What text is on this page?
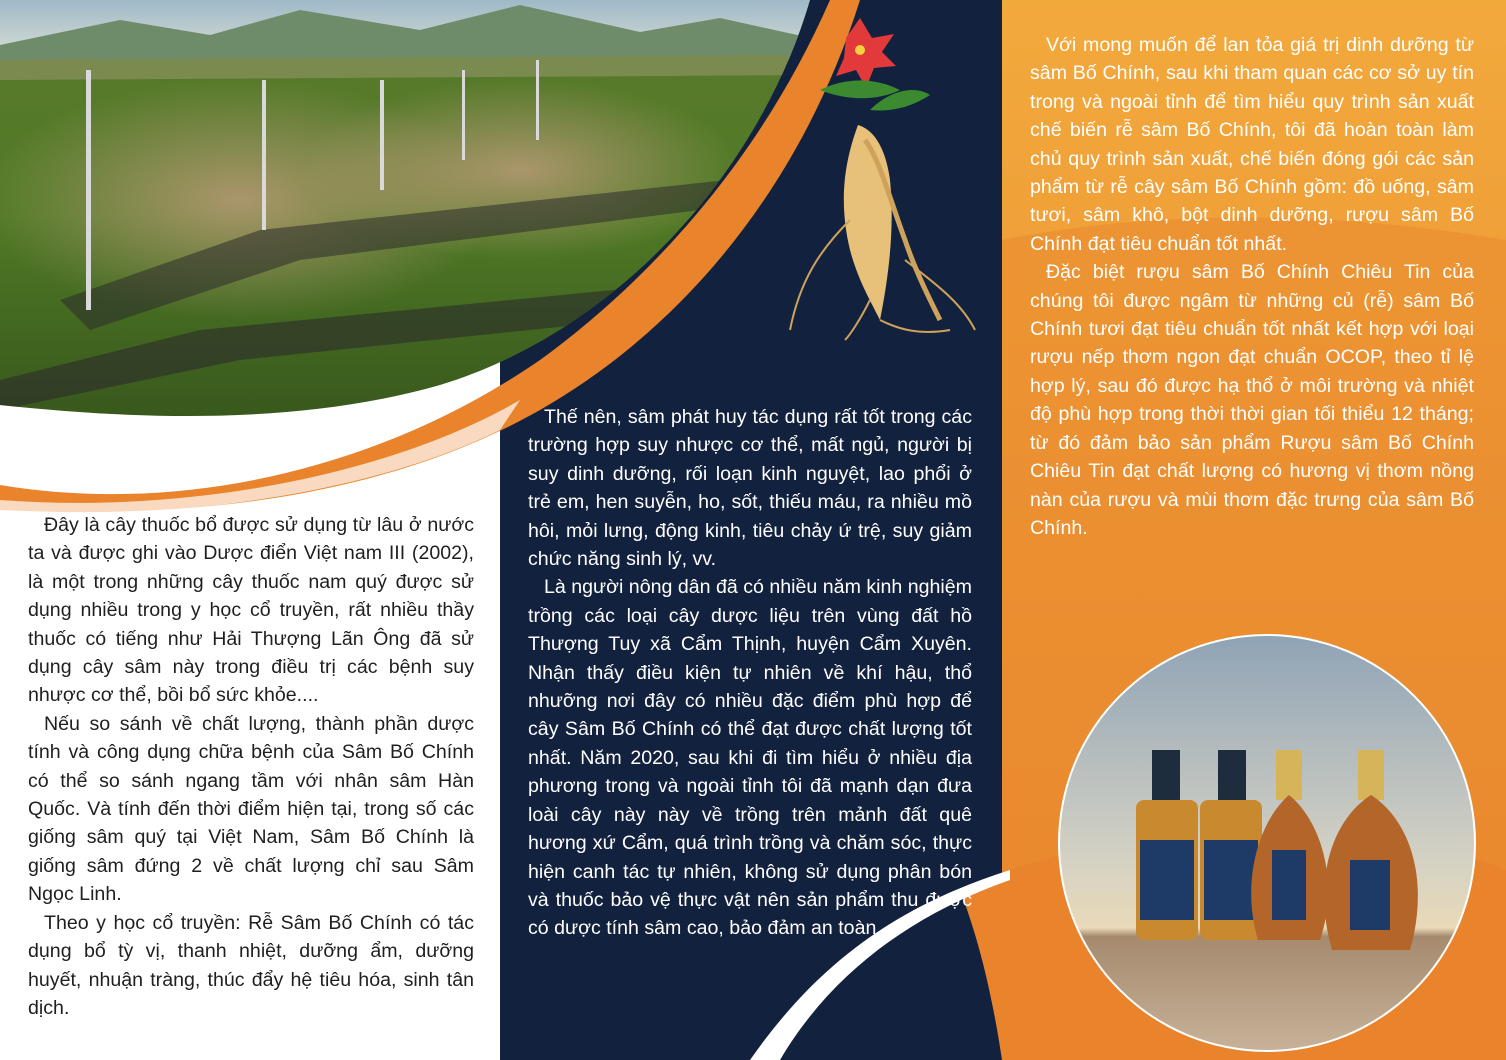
Đây là cây thuốc bổ được sử dụng từ lâu ở nước ta và được ghi vào Dược điển Việt nam III (2002), là một trong những cây thuốc nam quý được sử dụng nhiều trong y học cổ truyền, rất nhiều thầy thuốc có tiếng như Hải Thượng Lãn Ông đã sử dụng cây sâm này trong điều trị các bệnh suy nhược cơ thể, bồi bổ sức khỏe....

Nếu so sánh về chất lượng, thành phần dược tính và công dụng chữa bệnh của Sâm Bố Chính có thể so sánh ngang tầm với nhân sâm Hàn Quốc. Và tính đến thời điểm hiện tại, trong số các giống sâm quý tại Việt Nam, Sâm Bố Chính là giống sâm đứng 2 về chất lượng chỉ sau Sâm Ngọc Linh.

Theo y học cổ truyền: Rễ Sâm Bố Chính có tác dụng bổ tỳ vị, thanh nhiệt, dưỡng ẩm, dưỡng huyết, nhuận tràng, thúc đẩy hệ tiêu hóa, sinh tân dịch.

Thế nên, sâm phát huy tác dụng rất tốt trong các trường hợp suy nhược cơ thể, mất ngủ, người bị suy dinh dưỡng, rối loạn kinh nguyệt, lao phổi ở trẻ em, hen suyễn, ho, sốt, thiếu máu, ra nhiều mồ hôi, mỏi lưng, động kinh, tiêu chảy ứ trệ, suy giảm chức năng sinh lý, vv.

Là người nông dân đã có nhiều năm kinh nghiệm trồng các loại cây dược liệu trên vùng đất hồ Thượng Tuy xã Cẩm Thịnh, huyện Cẩm Xuyên. Nhận thấy điều kiện tự nhiên về khí hậu, thổ nhưỡng nơi đây có nhiều đặc điểm phù hợp để cây Sâm Bố Chính có thể đạt được chất lượng tốt nhất. Năm 2020, sau khi đi tìm hiểu ở nhiều địa phương trong và ngoài tỉnh tôi đã mạnh dạn đưa loài cây này này về trồng trên mảnh đất quê hương xứ Cẩm, quá trình trồng và chăm sóc, thực hiện canh tác tự nhiên, không sử dụng phân bón và thuốc bảo vệ thực vật nên sản phẩm thu được có dược tính sâm cao, bảo đảm an toàn.

Với mong muốn để lan tỏa giá trị dinh dưỡng từ sâm Bố Chính, sau khi tham quan các cơ sở uy tín trong và ngoài tỉnh để tìm hiểu quy trình sản xuất chế biến rễ sâm Bố Chính, tôi đã hoàn toàn làm chủ quy trình sản xuất, chế biến đóng gói các sản phẩm từ rễ cây sâm Bố Chính gồm: đồ uống, sâm tươi, sâm khô, bột dinh dưỡng, rượu sâm Bố Chính đạt tiêu chuẩn tốt nhất.

Đặc biệt rượu sâm Bố Chính Chiêu Tin của chúng tôi được ngâm từ những củ (rễ) sâm Bố Chính tươi đạt tiêu chuẩn tốt nhất kết hợp với loại rượu nếp thơm ngon đạt chuẩn OCOP, theo tỉ lệ hợp lý, sau đó được hạ thổ ở môi trường và nhiệt độ phù hợp trong thời thời gian tối thiểu 12 tháng; từ đó đảm bảo sản phẩm Rượu sâm Bố Chính Chiêu Tin đạt chất lượng có hương vị thơm nồng nàn của rượu và mùi thơm đặc trưng của sâm Bố Chính.
